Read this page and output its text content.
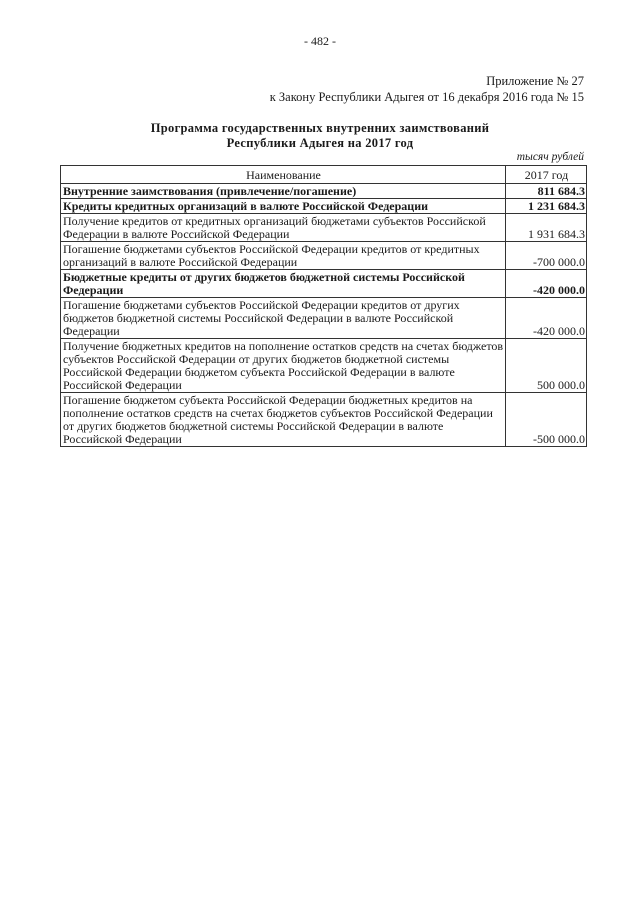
- 482 -
Приложение № 27
к Закону Республики Адыгея от 16 декабря 2016 года № 15
Программа государственных внутренних заимствований
Республики Адыгея на 2017 год
тысяч рублей
Наименование	2017 год
Внутренние заимствования (привлечение/погашение)	811 684.3
Кредиты кредитных организаций в валюте Российской Федерации	1 231 684.3
Получение кредитов от кредитных организаций бюджетами субъектов Российской Федерации в валюте Российской Федерации	1 931 684.3
Погашение бюджетами субъектов Российской Федерации кредитов от кредитных организаций в валюте Российской Федерации	-700 000.0
Бюджетные кредиты от других бюджетов бюджетной системы Российской Федерации	-420 000.0
Погашение бюджетами субъектов Российской Федерации кредитов от других бюджетов бюджетной системы Российской Федерации в валюте Российской Федерации	-420 000.0
Получение бюджетных кредитов на пополнение остатков средств на счетах бюджетов субъектов Российской Федерации от других бюджетов бюджетной системы Российской Федерации бюджетом субъекта Российской Федерации в валюте Российской Федерации	500 000.0
Погашение бюджетом субъекта Российской Федерации бюджетных кредитов на пополнение остатков средств на счетах бюджетов субъектов Российской Федерации от других бюджетов бюджетной системы Российской Федерации в валюте Российской Федерации	-500 000.0
